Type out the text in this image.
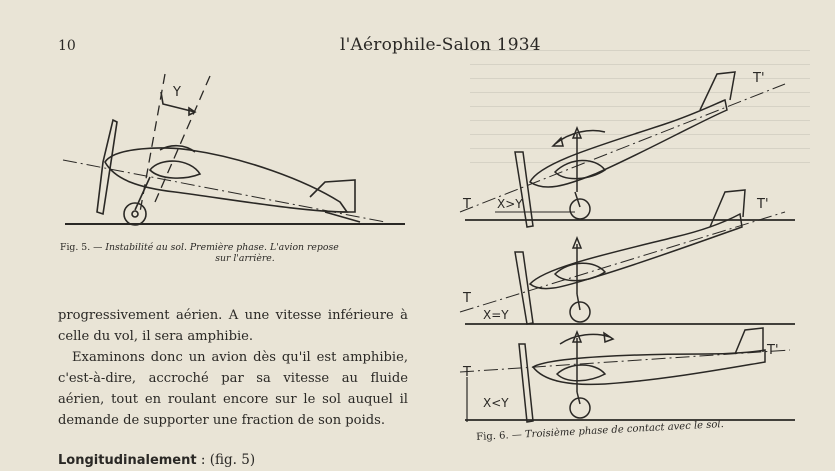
10	l'Aérophile-Salon 1934
Y
Fig. 5. — Instabilité au sol. Première phase. L'avion repose
sur l'arrière.
T
T'
X>Y
T
T'
X=Y
T
T'
X<Y
Fig. 6. — Troisième phase de contact avec le sol.

progressivement aérien. A une vitesse inférieure à celle du vol, il sera amphibie.

Examinons donc un avion dès qu'il est amphibie, c'est-à-dire, accroché par sa vitesse au fluide aérien, tout en roulant encore sur le sol auquel il demande de supporter une fraction de son poids.

Longitudinalement : (fig. 5)
